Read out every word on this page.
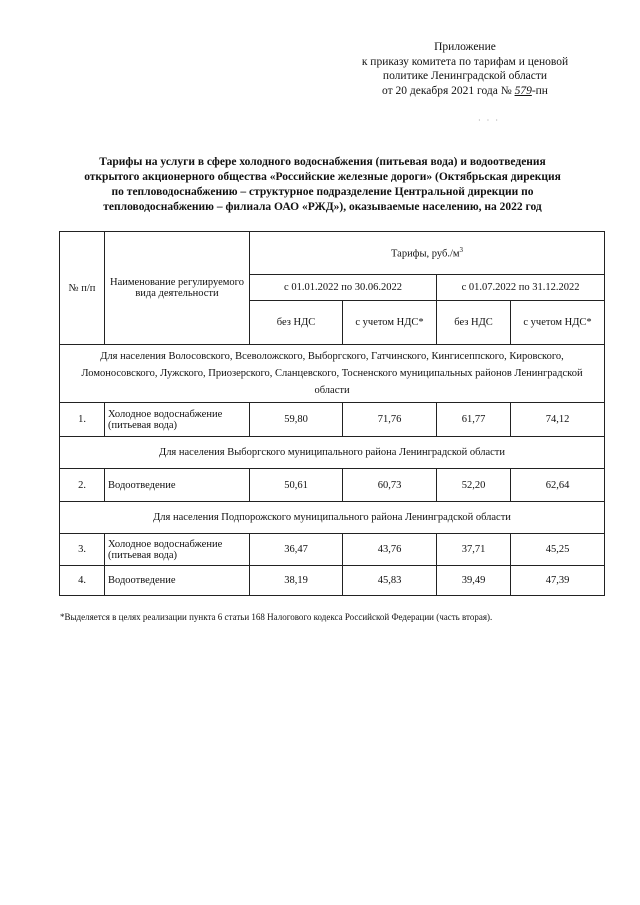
Приложение
к приказу комитета по тарифам и ценовой
политике Ленинградской области
от 20 декабря 2021 года № 579-пн
· · ·
Тарифы на услуги в сфере холодного водоснабжения (питьевая вода) и водоотведения
открытого акционерного общества «Российские железные дороги» (Октябрьская дирекция
по тепловодоснабжению – структурное подразделение Центральной дирекции по
тепловодоснабжению – филиала ОАО «РЖД»), оказываемые населению, на 2022 год
№ п/п	Наименование регулируемого вида деятельности	Тарифы, $руб./м^3$
		с 01.01.2022 по 30.06.2022		с 01.07.2022 по 31.12.2022	
		без НДС	с учетом НДС*	без НДС	с учетом НДС*
Для населения Волосовского, Всеволожского, Выборгского, Гатчинского, Кингисеппского, Кировского, Ломоносовского, Лужского, Приозерского, Сланцевского, Тосненского муниципальных районов Ленинградской области					
1.	Холодное водоснабжение (питьевая вода)	59,80	71,76	61,77	74,12
Для населения Выборгского муниципального района Ленинградской области					
2.	Водоотведение	50,61	60,73	52,20	62,64
Для населения Подпорожского муниципального района Ленинградской области					
3.	Холодное водоснабжение (питьевая вода)	36,47	43,76	37,71	45,25
4.	Водоотведение	38,19	45,83	39,49	47,39
*Выделяется в целях реализации пункта 6 статьи 168 Налогового кодекса Российской Федерации (часть вторая).
